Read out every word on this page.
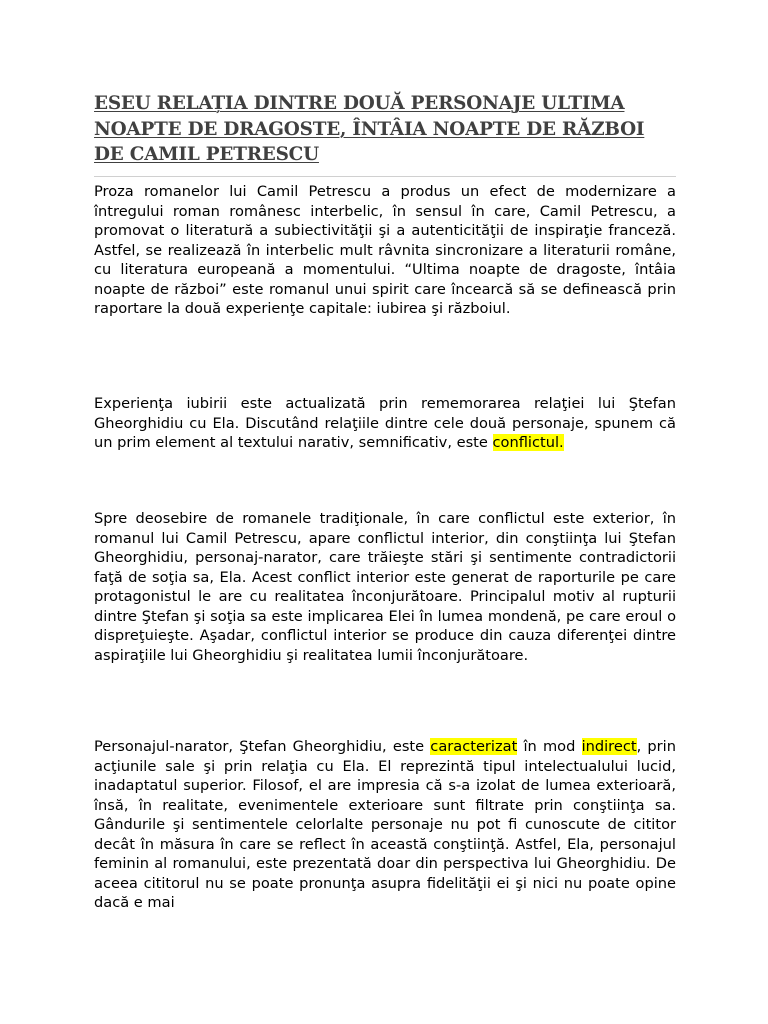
ESEU RELAȚIA DINTRE DOUĂ PERSONAJE ULTIMA NOAPTE DE DRAGOSTE, ÎNTÂIA NOAPTE DE RĂZBOI DE CAMIL PETRESCU

Proza romanelor lui Camil Petrescu a produs un efect de modernizare a întregului roman românesc interbelic, în sensul în care, Camil Petrescu, a promovat o literatură a subiectivităţii şi a autenticităţii de inspiraţie franceză. Astfel, se realizează în interbelic mult râvnita sincronizare a literaturii române, cu literatura europeană a momentului. “Ultima noapte de dragoste, întâia noapte de război” este romanul unui spirit care încearcă să se definească prin raportare la două experienţe capitale: iubirea şi războiul.

Experienţa iubirii este actualizată prin rememorarea relaţiei lui Ştefan Gheorghidiu cu Ela. Discutând relaţiile dintre cele două personaje, spunem că un prim element al textului narativ, semnificativ, este conflictul.

Spre deosebire de romanele tradiţionale, în care conflictul este exterior, în romanul lui Camil Petrescu, apare conflictul interior, din conştiinţa lui Ştefan Gheorghidiu, personaj-narator, care trăieşte stări şi sentimente contradictorii faţă de soţia sa, Ela. Acest conflict interior este generat de raporturile pe care protagonistul le are cu realitatea înconjurătoare. Principalul motiv al rupturii dintre Ştefan şi soţia sa este implicarea Elei în lumea mondenă, pe care eroul o dispreţuieşte. Aşadar, conflictul interior se produce din cauza diferenţei dintre aspiraţiile lui Gheorghidiu şi realitatea lumii înconjurătoare.

Personajul-narator, Ştefan Gheorghidiu, este caracterizat în mod indirect, prin acţiunile sale şi prin relaţia cu Ela. El reprezintă tipul intelectualului lucid, inadaptatul superior. Filosof, el are impresia că s-a izolat de lumea exterioară, însă, în realitate, evenimentele exterioare sunt filtrate prin conştiinţa sa. Gândurile şi sentimentele celorlalte personaje nu pot fi cunoscute de cititor decât în măsura în care se reflect în această conştiinţă. Astfel, Ela, personajul feminin al romanului, este prezentată doar din perspectiva lui Gheorghidiu. De aceea cititorul nu se poate pronunţa asupra fidelităţii ei şi nici nu poate opine dacă e mai
